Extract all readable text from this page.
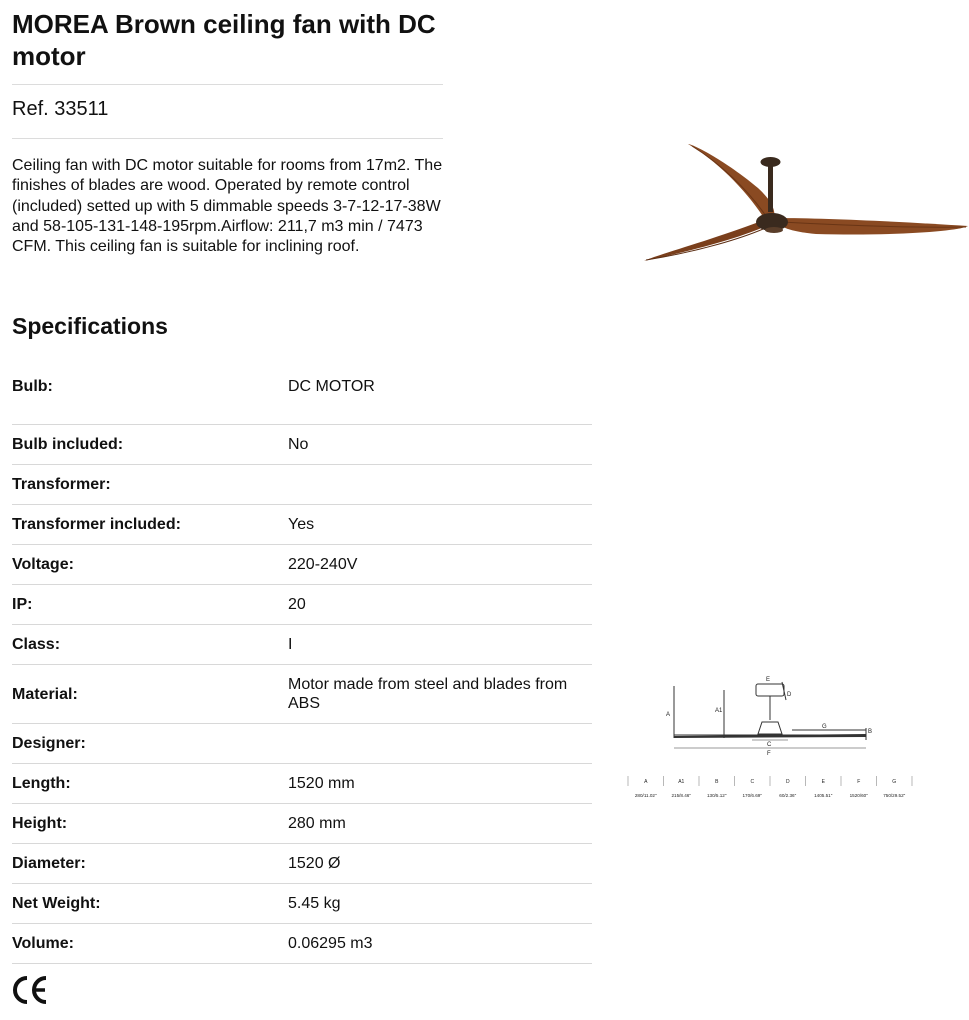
MOREA Brown ceiling fan with DC motor
Ref. 33511
Ceiling fan with DC motor suitable for rooms from 17m2. The finishes of blades are wood. Operated by remote control (included) setted up with 5 dimmable speeds 3-7-12-17-38W and 58-105-131-148-195rpm.Airflow: 211,7 m3 min / 7473 CFM. This ceiling fan is suitable for inclining roof.
Specifications
Bulb:	DC MOTOR
Bulb included:	No
Transformer:
Transformer included:	Yes
Voltage:	220-240V
IP:	20
Class:	I
Material:
Motor made from steel and blades from ABS
Designer:
Length:	1520 mm
Height:	280 mm
Diameter:	1520 Ø
Net Weight:	5.45 kg
Volume:	0.06295 m3
A
A1
E
D
G
B
C
F
A
280/11.02"
A1
215/8.46"
B
130/5.12"
C
170/6.69"
D
60/2.36"
E
1405.51"
F
1520/60"
G
750/29.52"
